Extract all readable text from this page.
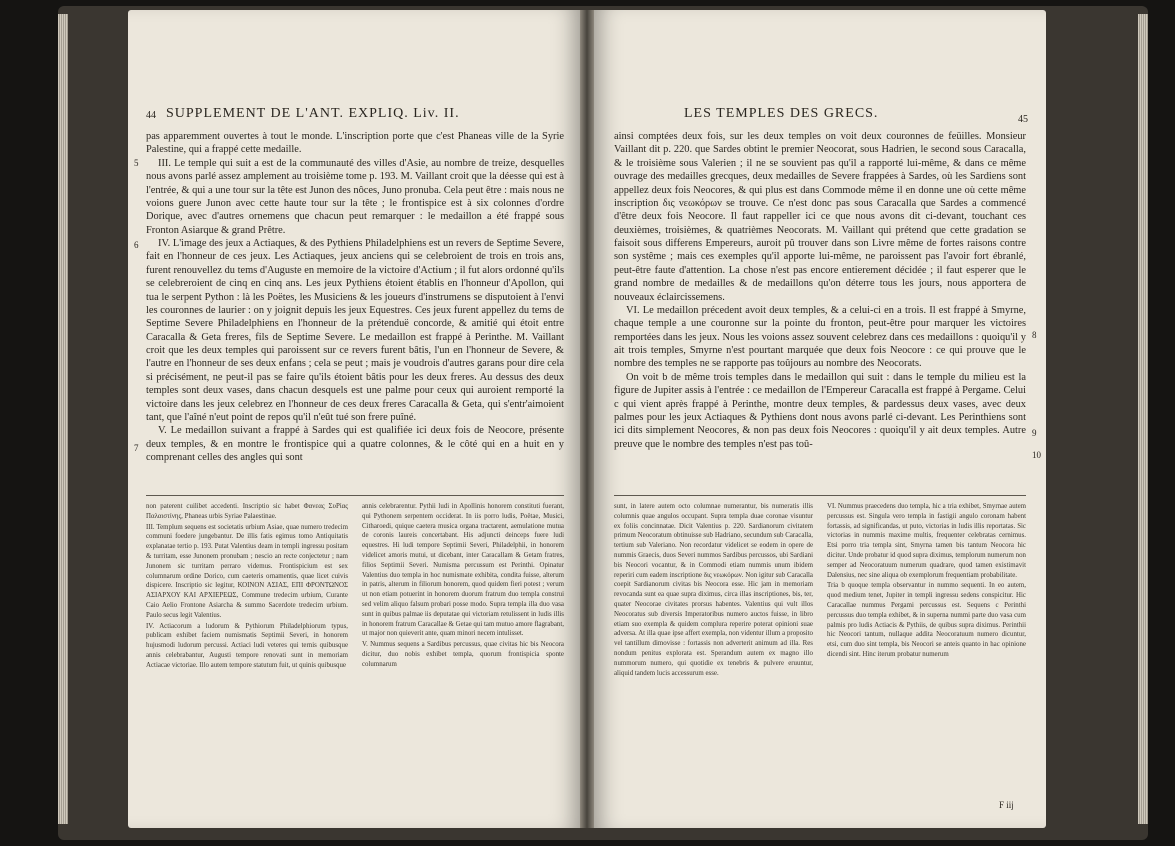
44 SUPPLEMENT DE L'ANT. EXPLIQ. Liv. II.

pas apparemment ouvertes à tout le monde. L'inscription porte que c'est Phaneas ville de la Syrie Palestine, qui a frappé cette medaille.

III. Le temple qui suit a est de la communauté des villes d'Asie, au nombre de treize, desquelles nous avons parlé assez amplement au troisième tome p. 193. M. Vaillant croit que la déesse qui est à l'entrée, & qui a une tour sur la tête est Junon des nôces, Juno pronuba. Cela peut être : mais nous ne voions guere Junon avec cette haute tour sur la tête ; le frontispice est à six colonnes d'ordre Dorique, avec d'autres ornemens que chacun peut remarquer : le medaillon a été frappé sous Fronton Asiarque & grand Prêtre.

IV. L'image des jeux a Actiaques, & des Pythiens Philadelphiens est un revers de Septime Severe, fait en l'honneur de ces jeux. Les Actiaques, jeux anciens qui se celebroient de trois en trois ans, furent renouvellez du tems d'Auguste en memoire de la victoire d'Actium ; il fut alors ordonné qu'ils se celebreroient de cinq en cinq ans. Les jeux Pythiens étoient établis en l'honneur d'Apollon, qui tua le serpent Python : là les Poëtes, les Musiciens & les joueurs d'instrumens se disputoient à l'envi les couronnes de laurier : on y joignit depuis les jeux Equestres. Ces jeux furent appellez du tems de Septime Severe Philadelphiens en l'honneur de la prétenduë concorde, & amitié qui étoit entre Caracalla & Geta freres, fils de Septime Severe. Le medaillon est frappé à Perinthe. M. Vaillant croit que les deux temples qui paroissent sur ce revers furent bâtis, l'un en l'honneur de Severe, & l'autre en l'honneur de ses deux enfans ; cela se peut ; mais je voudrois d'autres garans pour dire cela si précisément, ne peut-il pas se faire qu'ils étoient bâtis pour les deux freres. Au dessus des deux temples sont deux vases, dans chacun desquels est une palme pour ceux qui auroient remporté la victoire dans les jeux celebrez en l'honneur de ces deux freres Caracalla & Geta, qui s'entr'aimoient tant, que l'aîné n'eut point de repos qu'il n'eût tué son frere puîné.

V. Le medaillon suivant a frappé à Sardes qui est qualifiée ici deux fois de Neocore, présente deux temples, & en montre le frontispice qui a quatre colonnes, & le côté qui en a huit en y comprenant celles des angles qui sont

5
6
7

non paterent cuilibet accedenti. Inscriptio sic habet Φανεας ΣυΡίας Παλαιστίνης, Phaneas urbis Syriae Palaestinae.

III. Templum sequens est societatis urbium Asiae, quae numero tredecim communi foedere jungebantur. De illis fatis egimus tomo Antiquitatis explanatae tertio p. 193. Putat Valentius deam in templi ingressu positam & turritam, esse Junonem pronubam ; nescio an recte conjectetur ; nam Junonem sic turritam perraro videmus. Frontispicium est sex columnarum ordine Dorico, cum caeteris ornamentis, quae licet cuivis dispicere. Inscriptio sic legitur, ΚΟΙΝΟΝ ΑΣΙΑΣ, ΕΠΙ ΦΡΟΝΤΩΝΟΣ ΑΣΙΑΡΧΟΥ ΚΑΙ ΑΡΧΙΕΡΕΩΣ, Commune tredecim urbium, Curante Caio Aelio Frontone Asiarcha & summo Sacerdote tredecim urbium. Paulo secus legit Valentius.

IV. Actiacorum a ludorum & Pythiorum Philadelphiorum typus, publicam exhibet faciem numismatis Septimii Severi, in honorem hujusmodi ludorum percussi. Actiaci ludi veteres qui ternis quibusque annis celebrabantur, Augusti tempore renovati sunt in memoriam Actiacae victoriae. Illo autem tempore statutum fuit, ut quinis quibusque

annis celebrarentur. Pythii ludi in Apollinis honorem constituti fuerant, qui Pythonem serpentem occiderat. In iis porro ludis, Poëtae, Musici, Citharoedi, quique caetera musica organa tractarent, aemulatione mutua de coronis laureis concertabant. His adjuncti deinceps fuere ludi equestres. Hi ludi tempore Septimii Severi, Philadelphii, in honorem videlicet amoris mutui, ut dicebant, inter Caracallam & Getam fratres, filios Septimii Severi. Numisma percussum est Perinthi. Opinatur Valentius duo templa in hoc numismate exhibita, condita fuisse, alterum in patris, alterum in filiorum honorem, quod quidem fieri potest ; verum ut non etiam potuerint in honorem duorum fratrum duo templa construi sed velim aliquo falsum probari posse modo. Supra templa illa duo vasa sunt in quibus palmae iis deputatae qui victoriam retulissent in ludis illis in honorem fratrum Caracallae & Getae qui tam mutuo amore flagrabant, ut major non quieverit ante, quam minori necem intulisset.

V. Nummus sequens a Sardibus percussus, quae civitas hic bis Neocora dicitur, duo nobis exhibet templa, quorum frontispicia sponte columnarum

LES TEMPLES DES GRECS.	45

ainsi comptées deux fois, sur les deux temples on voit deux couronnes de feüilles. Monsieur Vaillant dit p. 220. que Sardes obtint le premier Neocorat, sous Hadrien, le second sous Caracalla, & le troisième sous Valerien ; il ne se souvient pas qu'il a rapporté lui-même, & dans ce même ouvrage des medailles grecques, deux medailles de Severe frappées à Sardes, où les Sardiens sont appellez deux fois Neocores, & qui plus est dans Commode même il en donne une où cette même inscription δις νεωκόρων se trouve. Ce n'est donc pas sous Caracalla que Sardes a commencé d'être deux fois Neocore. Il faut rappeller ici ce que nous avons dit ci-devant, touchant ces deuxièmes, troisièmes, & quatrièmes Neocorats. M. Vaillant qui prétend que cette gradation se faisoit sous differens Empereurs, auroit pû trouver dans son Livre même de fortes raisons contre son systême ; mais ces exemples qu'il apporte lui-même, ne paroissent pas l'avoir fort ébranlé, peut-être faute d'attention. La chose n'est pas encore entierement décidée ; il faut esperer que le grand nombre de medailles & de medaillons qu'on déterre tous les jours, nous apportera de nouveaux éclaircissemens.

VI. Le medaillon précedent avoit deux temples, & a celui-ci en a trois. Il est frappé à Smyrne, chaque temple a une couronne sur la pointe du fronton, peut-être pour marquer les victoires remportées dans les jeux. Nous les voions assez souvent celebrez dans ces medaillons : quoiqu'il y ait trois temples, Smyrne n'est pourtant marquée que deux fois Neocore : ce qui prouve que le nombre des temples ne se rapporte pas toûjours au nombre des Neocorats.

On voit b de même trois temples dans le medaillon qui suit : dans le temple du milieu est la figure de Jupiter assis à l'entrée : ce medaillon de l'Empereur Caracalla est frappé à Pergame. Celui c qui vient après frappé à Perinthe, montre deux temples, & pardessus deux vases, avec deux palmes pour les jeux Actiaques & Pythiens dont nous avons parlé ci-devant. Les Perinthiens sont ici dits simplement Neocores, & non pas deux fois Neocores : quoiqu'il y ait deux temples. Autre preuve que le nombre des temples n'est pas toû-

8
9
10

sunt, in latere autem octo columnae numerantur, bis numeratis illis columnis quae angulos occupant. Supra templa duae coronae visuntur ex foliis concinnatae. Dicit Valentius p. 220. Sardianorum civitatem primum Neocoratum obtinuisse sub Hadriano, secundum sub Caracalla, tertium sub Valeriano. Non recordatur videlicet se eodem in opere de nummis Graecis, duos Severi nummos Sardibus percussos, ubi Sardiani bis Neocori vocantur, & in Commodi etiam nummis unum ibidem reperiri cum eadem inscriptione δις νεωκόρων. Non igitur sub Caracalla coepit Sardianorum civitas bis Neocora esse. Hic jam in memoriam revocanda sunt ea quae supra diximus, circa illas inscriptiones, bis, ter, quater Neocorae civitates prorsus habentes. Valentius qui vult illos Neocoratus sub diversis Imperatoribus numero auctos fuisse, in libro etiam suo exempla & quidem complura reperire poterat opinioni suae adversa. At illa quae ipse affert exempla, non videntur illum a proposito vel tantillum dimovisse : fortassis non adverterit animum ad illa. Res nondum penitus explorata est. Sperandum autem ex magno illo nummorum numero, qui quotidie ex tenebris & pulvere eruuntur, aliquid tandem lucis accessurum esse.

VI. Nummus praecedens duo templa, hic a tria exhibet, Smyrnae autem percussus est. Singula vero templa in fastigii angulo coronam habent fortassis, ad significandas, ut puto, victorias in ludis illis reportatas. Sic victorias in nummis maxime multis, frequenter celebratas cernimus. Etsi porro tria templa sint, Smyrna tamen bis tantum Neocora hic dicitur. Unde probatur id quod supra diximus, templorum numerum non semper ad Neocoratuum numerum quadrare, quod tamen existimavit Dalensius, nec sine aliqua ob exemplorum frequentiam probabilitate.

Tria b quoque templa observantur in nummo sequenti. In eo autem, quod medium tenet, Jupiter in templi ingressu sedens conspicitur. Hic Caracallae nummus Pergami percussus est. Sequens c Perinthi percussus duo templa exhibet, & in superna nummi parte duo vasa cum palmis pro ludis Actiacis & Pythiis, de quibus supra diximus. Perinthii hic Neocori tantum, nullaque addita Neocoratuum numero dicuntur, etsi, cum duo sint templa, bis Neocori se anteis quanto in hac opinione dicendi sint. Hinc iterum probatur numerum

F iij
